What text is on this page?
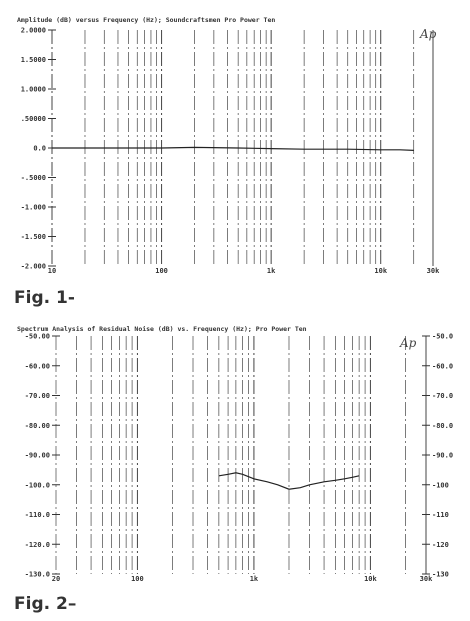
Amplitude (dB) versus Frequency (Hz); Soundcraftsmen Pro Power Ten
Ap
2.0000
1.5000
1.0000
.50000
0.0
-.5000
-1.000
-1.500
-2.000
10	100	1k	10k	30k
Fig. 1-
Spectrum Analysis of Residual Noise (dB) vs. Frequency (Hz); Pro Power Ten
Ap
-50.00
-60.00
-70.00
-80.00
-90.00
-100.0
-110.0
-120.0
-130.0
-50.0
-60.0
-70.0
-80.0
-90.0
-100
-110
-120
-130
20	100	1k	10k	30k
Fig. 2–
